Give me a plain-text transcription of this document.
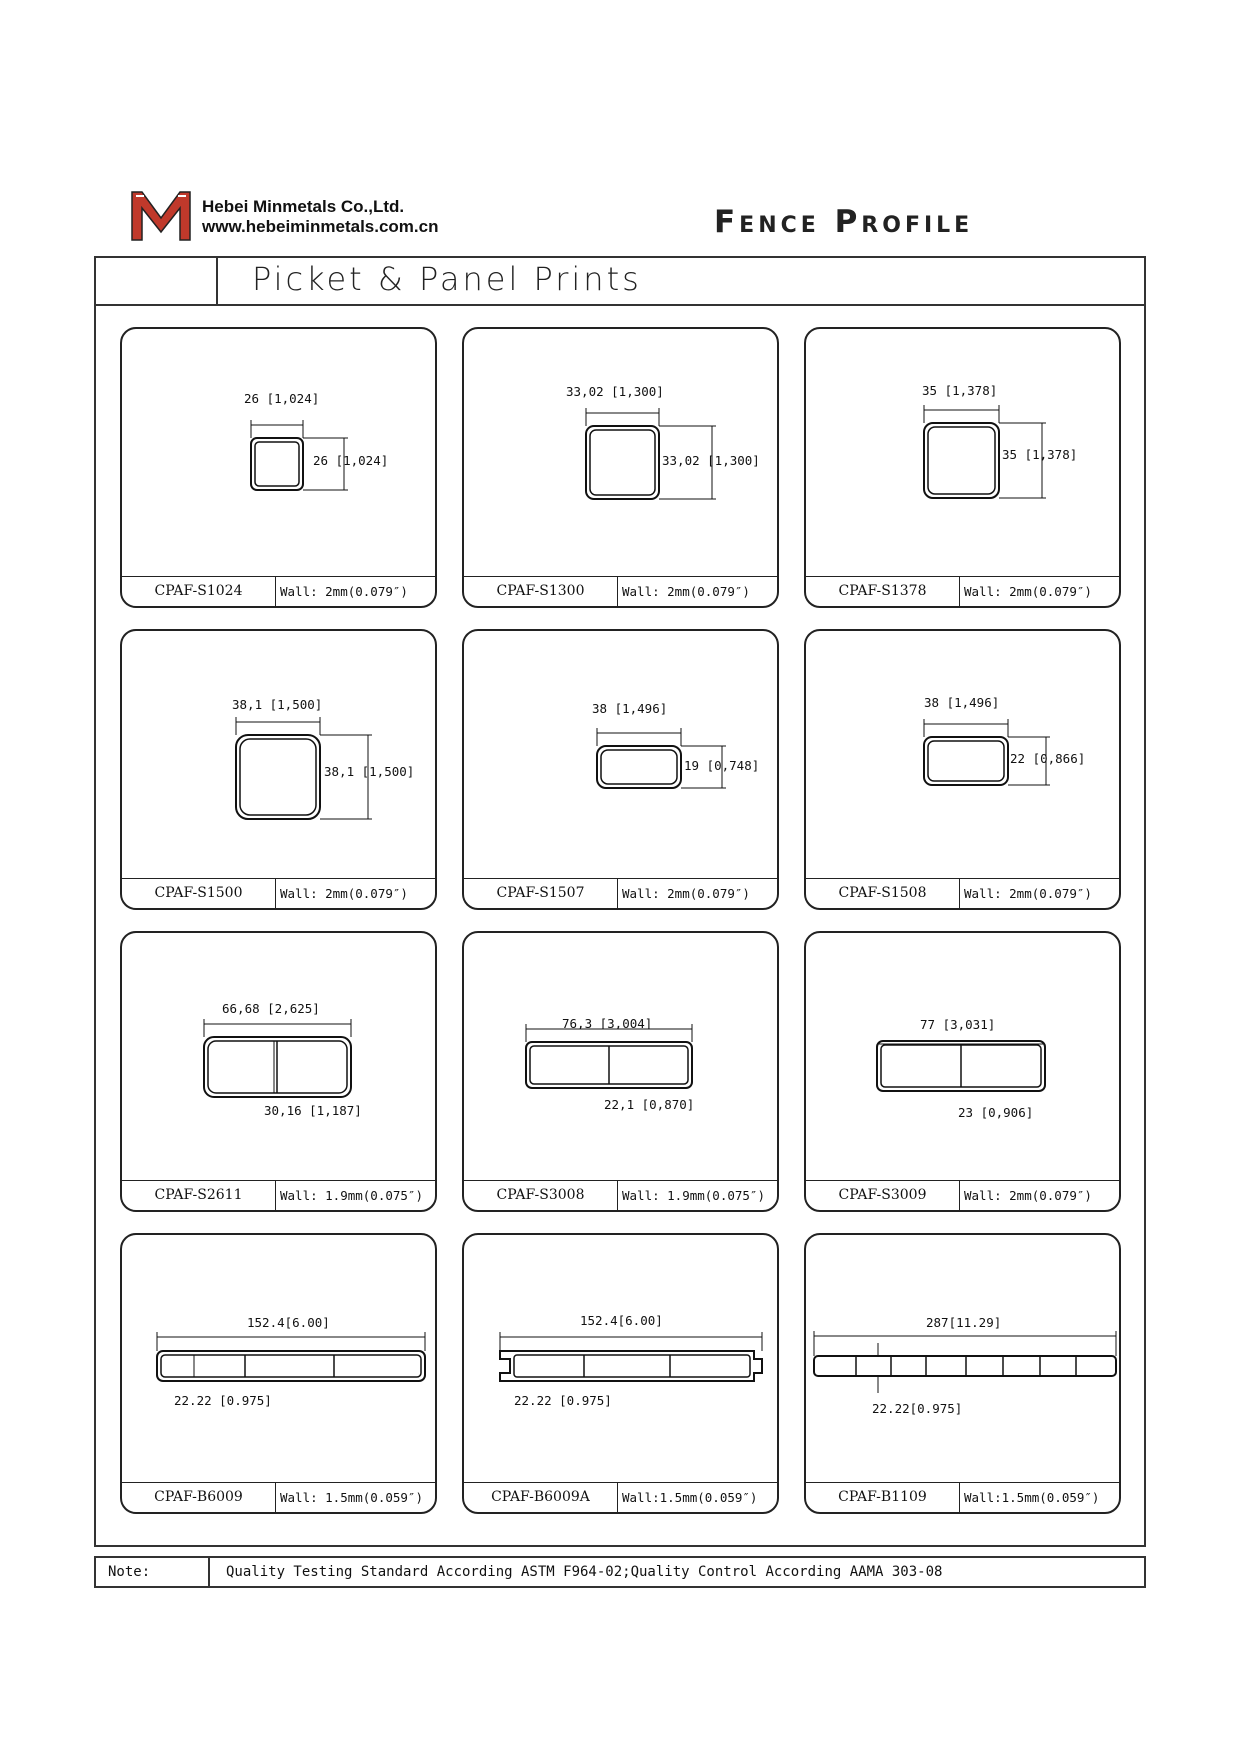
Hebei Minmetals Co.,Ltd.
www.hebeiminmetals.com.cn	Fence Profile
Picket & Panel Prints
26 [1,024]
26 [1,024]
CPAF-S1024	Wall: 2mm(0.079″)
33,02 [1,300]
33,02 [1,300]
CPAF-S1300	Wall: 2mm(0.079″)
35 [1,378]
35 [1,378]
CPAF-S1378	Wall: 2mm(0.079″)
38,1 [1,500]
38,1 [1,500]
CPAF-S1500	Wall: 2mm(0.079″)
38 [1,496]
19 [0,748]
CPAF-S1507	Wall: 2mm(0.079″)
38 [1,496]
22 [0,866]
CPAF-S1508	Wall: 2mm(0.079″)
66,68 [2,625]
30,16 [1,187]
CPAF-S2611	Wall: 1.9mm(0.075″)
76,3 [3,004]
22,1 [0,870]
CPAF-S3008	Wall: 1.9mm(0.075″)
77 [3,031]
23 [0,906]
CPAF-S3009	Wall: 2mm(0.079″)
152.4[6.00]
22.22 [0.975]
CPAF-B6009	Wall: 1.5mm(0.059″)
152.4[6.00]
22.22 [0.975]
CPAF-B6009A	Wall:1.5mm(0.059″)
287[11.29]
22.22[0.975]
CPAF-B1109	Wall:1.5mm(0.059″)
Note:	Quality Testing Standard According ASTM F964-02;Quality Control According AAMA 303-08
